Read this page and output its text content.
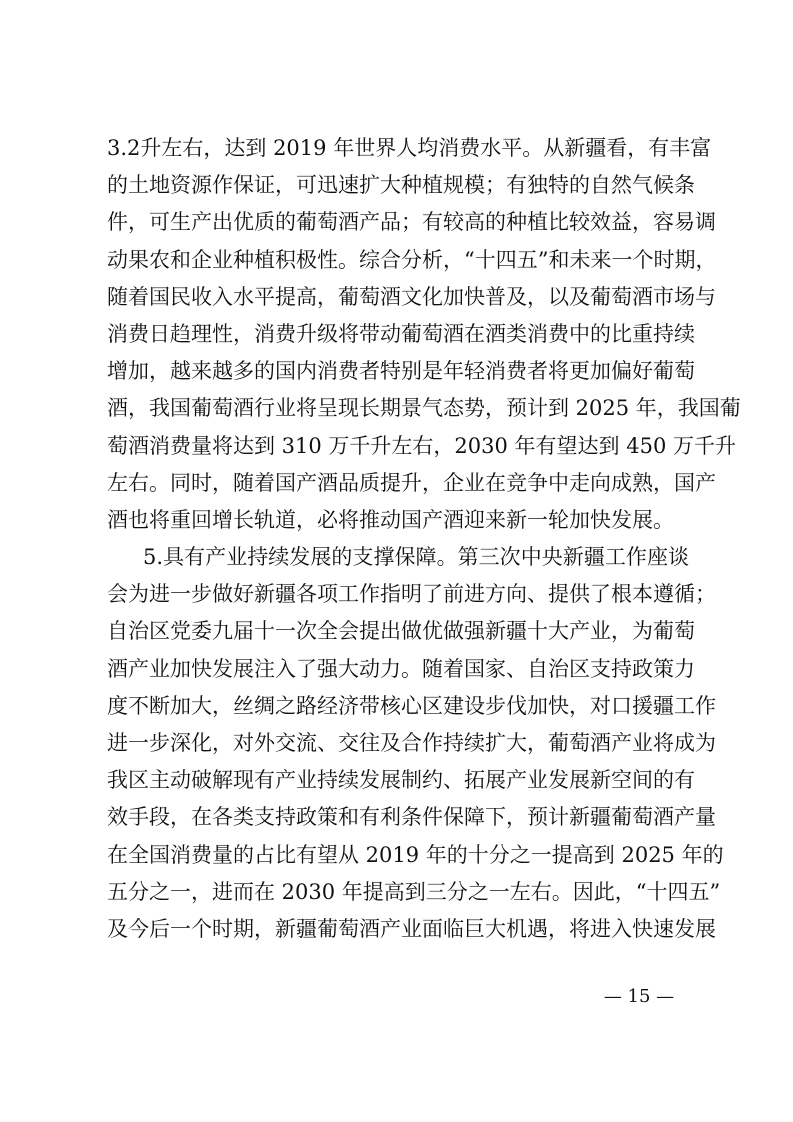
3.2升左右，达到 2019 年世界人均消费水平。从新疆看，有丰富
的土地资源作保证，可迅速扩大种植规模；有独特的自然气候条
件，可生产出优质的葡萄酒产品；有较高的种植比较效益，容易调
动果农和企业种植积极性。综合分析，“十四五”和未来一个时期，
随着国民收入水平提高，葡萄酒文化加快普及，以及葡萄酒市场与
消费日趋理性，消费升级将带动葡萄酒在酒类消费中的比重持续
增加，越来越多的国内消费者特别是年轻消费者将更加偏好葡萄
酒，我国葡萄酒行业将呈现长期景气态势，预计到 2025 年，我国葡
萄酒消费量将达到 310 万千升左右，2030 年有望达到 450 万千升
左右。同时，随着国产酒品质提升，企业在竞争中走向成熟，国产
酒也将重回增长轨道，必将推动国产酒迎来新一轮加快发展。
5.具有产业持续发展的支撑保障。第三次中央新疆工作座谈
会为进一步做好新疆各项工作指明了前进方向、提供了根本遵循；
自治区党委九届十一次全会提出做优做强新疆十大产业，为葡萄
酒产业加快发展注入了强大动力。随着国家、自治区支持政策力
度不断加大，丝绸之路经济带核心区建设步伐加快，对口援疆工作
进一步深化，对外交流、交往及合作持续扩大，葡萄酒产业将成为
我区主动破解现有产业持续发展制约、拓展产业发展新空间的有
效手段，在各类支持政策和有利条件保障下，预计新疆葡萄酒产量
在全国消费量的占比有望从 2019 年的十分之一提高到 2025 年的
五分之一，进而在 2030 年提高到三分之一左右。因此，“十四五”
及今后一个时期，新疆葡萄酒产业面临巨大机遇，将进入快速发展
— 15 —
